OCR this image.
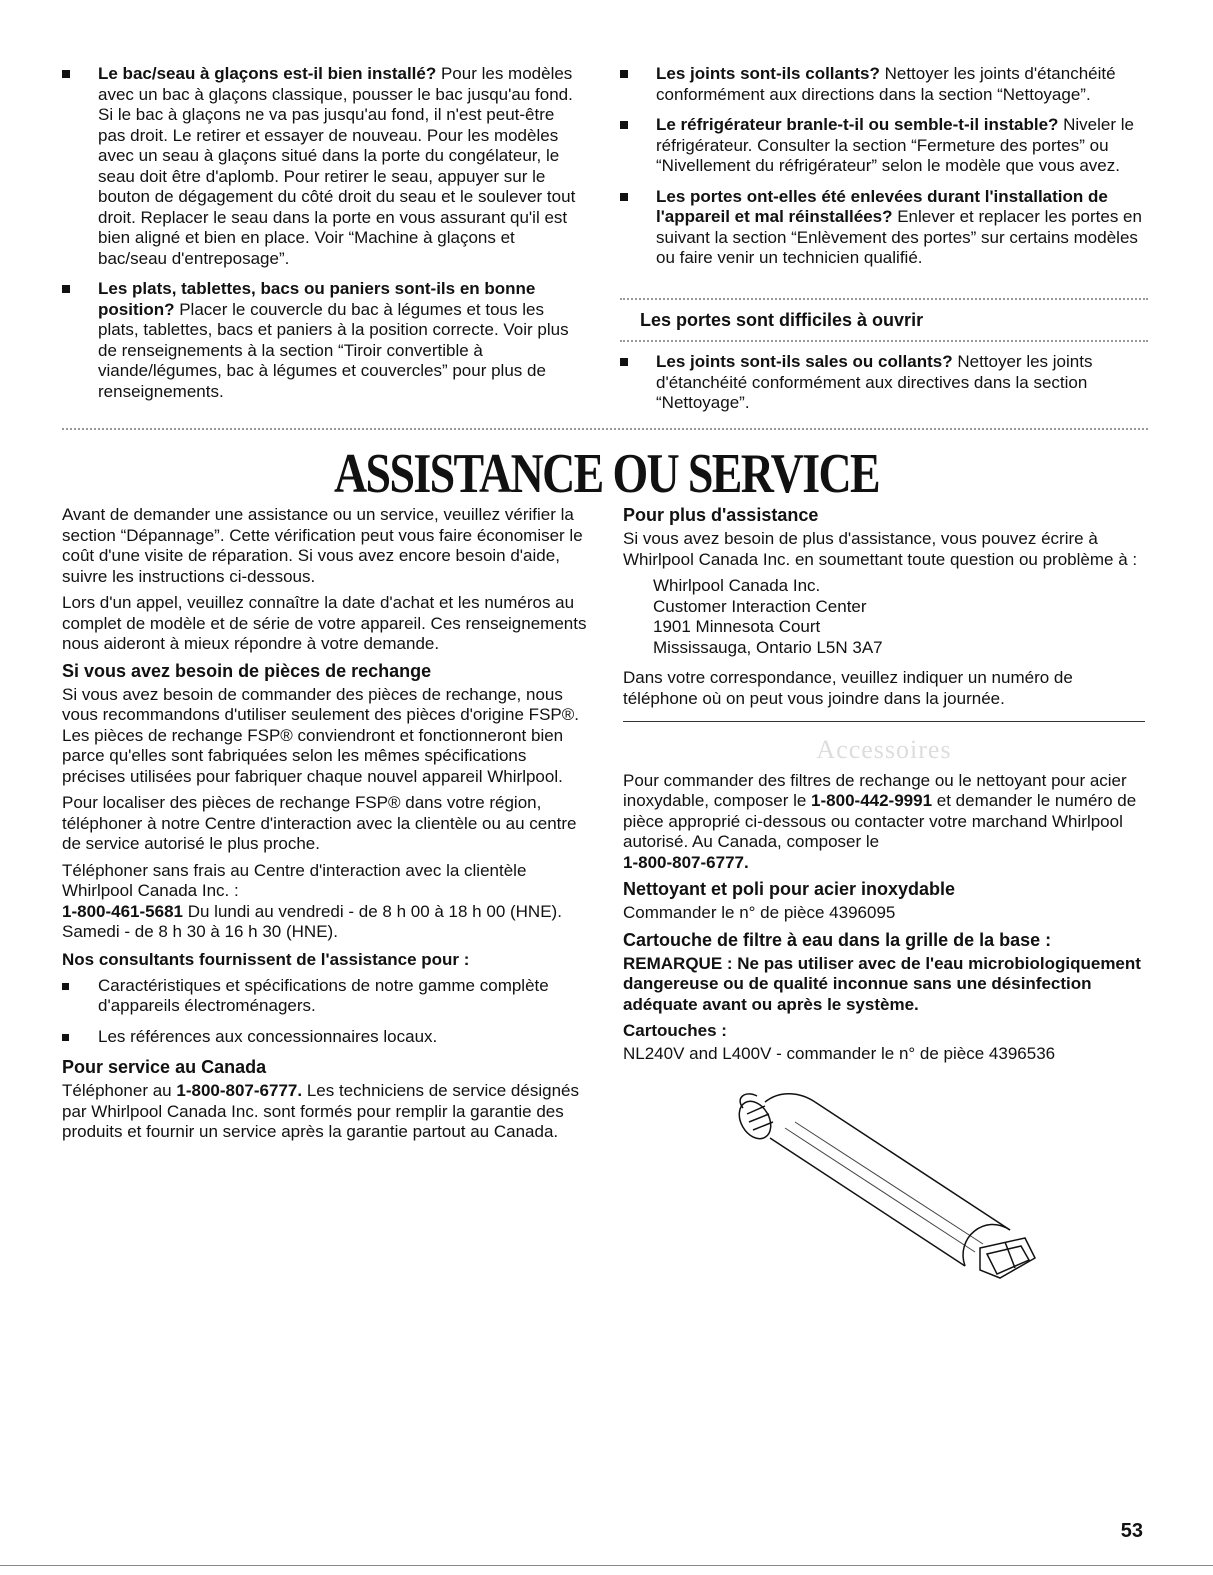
Le bac/seau à glaçons est-il bien installé? Pour les modèles avec un bac à glaçons classique, pousser le bac jusqu'au fond. Si le bac à glaçons ne va pas jusqu'au fond, il n'est peut-être pas droit. Le retirer et essayer de nouveau. Pour les modèles avec un seau à glaçons situé dans la porte du congélateur, le seau doit être d'aplomb. Pour retirer le seau, appuyer sur le bouton de dégagement du côté droit du seau et le soulever tout droit. Replacer le seau dans la porte en vous assurant qu'il est bien aligné et bien en place. Voir “Machine à glaçons et bac/seau d'entreposage”.
Les plats, tablettes, bacs ou paniers sont-ils en bonne position? Placer le couvercle du bac à légumes et tous les plats, tablettes, bacs et paniers à la position correcte. Voir plus de renseignements à la section “Tiroir convertible à viande/légumes, bac à légumes et couvercles” pour plus de renseignements.
Les joints sont-ils collants? Nettoyer les joints d'étanchéité conformément aux directions dans la section “Nettoyage”.
Le réfrigérateur branle-t-il ou semble-t-il instable? Niveler le réfrigérateur. Consulter la section “Fermeture des portes” ou “Nivellement du réfrigérateur” selon le modèle que vous avez.
Les portes ont-elles été enlevées durant l'installation de l'appareil et mal réinstallées? Enlever et replacer les portes en suivant la section “Enlèvement des portes” sur certains modèles ou faire venir un technicien qualifié.
Les portes sont difficiles à ouvrir
Les joints sont-ils sales ou collants? Nettoyer les joints d'étanchéité conformément aux directives dans la section “Nettoyage”.
ASSISTANCE OU SERVICE

Avant de demander une assistance ou un service, veuillez vérifier la section “Dépannage”. Cette vérification peut vous faire économiser le coût d'une visite de réparation. Si vous avez encore besoin d'aide, suivre les instructions ci-dessous.

Lors d'un appel, veuillez connaître la date d'achat et les numéros au complet de modèle et de série de votre appareil. Ces renseignements nous aideront à mieux répondre à votre demande.

Si vous avez besoin de pièces de rechange

Si vous avez besoin de commander des pièces de rechange, nous vous recommandons d'utiliser seulement des pièces d'origine FSP®. Les pièces de rechange FSP® conviendront et fonctionneront bien parce qu'elles sont fabriquées selon les mêmes spécifications précises utilisées pour fabriquer chaque nouvel appareil Whirlpool.

Pour localiser des pièces de rechange FSP® dans votre région, téléphoner à notre Centre d'interaction avec la clientèle ou au centre de service autorisé le plus proche.

Téléphoner sans frais au Centre d'interaction avec la clientèle Whirlpool Canada Inc. :

1-800-461-5681 Du lundi au vendredi - de 8 h 00 à 18 h 00 (HNE). Samedi - de 8 h 30 à 16 h 30 (HNE).

Nos consultants fournissent de l'assistance pour :
Caractéristiques et spécifications de notre gamme complète d'appareils électroménagers.
Les références aux concessionnaires locaux.
Pour service au Canada

Téléphoner au 1-800-807-6777. Les techniciens de service désignés par Whirlpool Canada Inc. sont formés pour remplir la garantie des produits et fournir un service après la garantie partout au Canada.

Pour plus d'assistance

Si vous avez besoin de plus d'assistance, vous pouvez écrire à Whirlpool Canada Inc. en soumettant toute question ou problème à :

Whirlpool Canada Inc.

Customer Interaction Center

1901 Minnesota Court

Mississauga, Ontario L5N 3A7

Dans votre correspondance, veuillez indiquer un numéro de téléphone où on peut vous joindre dans la journée.

Accessoires

Pour commander des filtres de rechange ou le nettoyant pour acier inoxydable, composer le 1-800-442-9991 et demander le numéro de pièce approprié ci-dessous ou contacter votre marchand Whirlpool autorisé. Au Canada, composer le
1-800-807-6777.

Nettoyant et poli pour acier inoxydable

Commander le n° de pièce 4396095

Cartouche de filtre à eau dans la grille de la base :

REMARQUE : Ne pas utiliser avec de l'eau microbiologiquement dangereuse ou de qualité inconnue sans une désinfection adéquate avant ou après le système.

Cartouches :

NL240V and L400V - commander le n° de pièce 4396536

53
